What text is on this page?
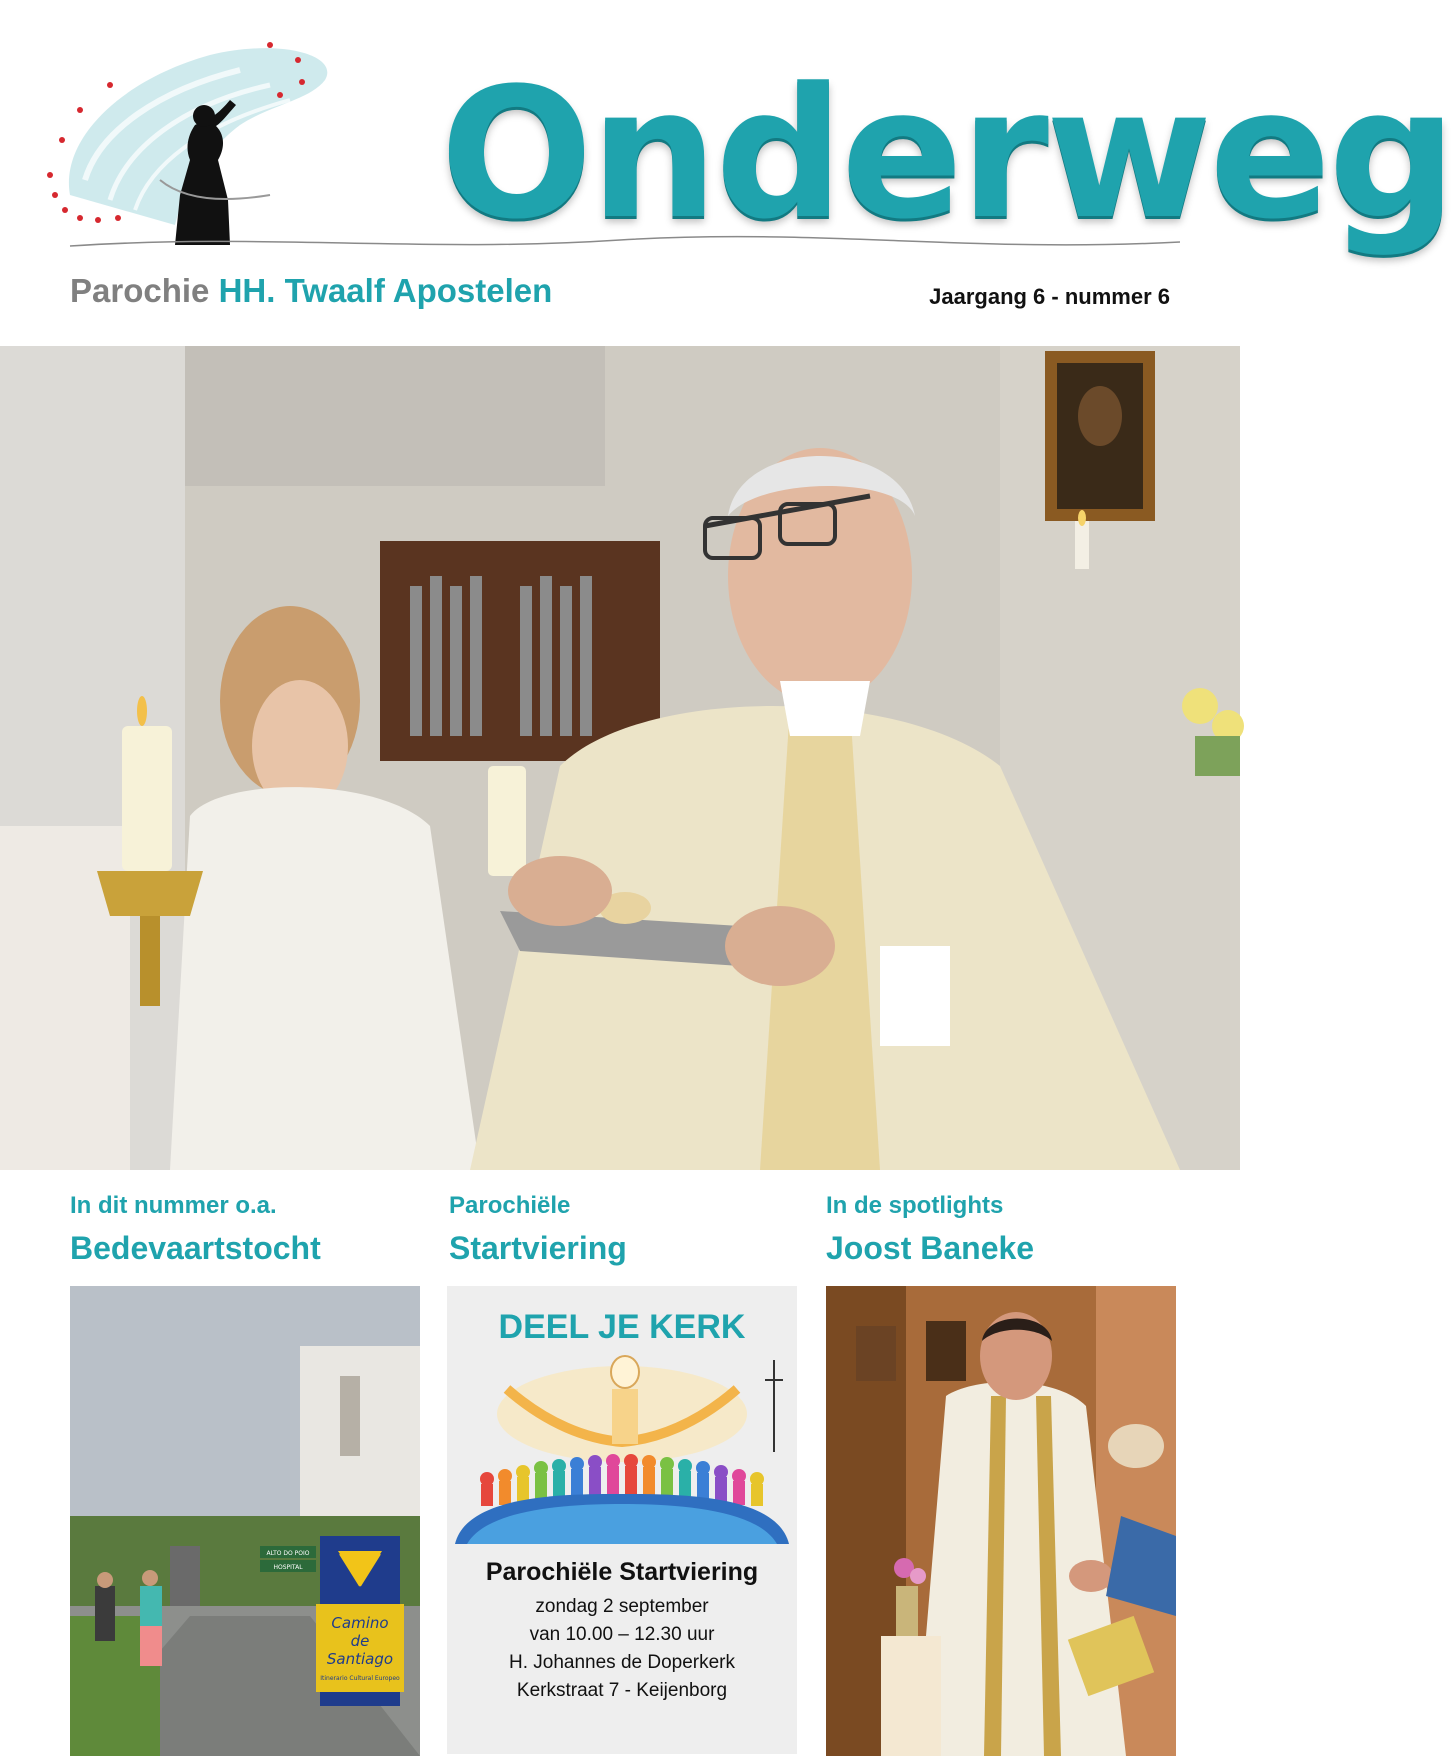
Onderweg
Parochie HH. Twaalf Apostelen	Jaargang 6 - nummer 6
In dit nummer o.a.
Bedevaartstocht
Parochiële
Startviering
In de spotlights
Joost Baneke
Camino
de
Santiago
Itinerario Cultural Europeo
ALTO DO POIO
HOSPITAL
DEEL JE KERK
Parochiële Startviering
zondag 2 september
van 10.00 – 12.30 uur
H. Johannes de Doperkerk
Kerkstraat 7 - Keijenborg
